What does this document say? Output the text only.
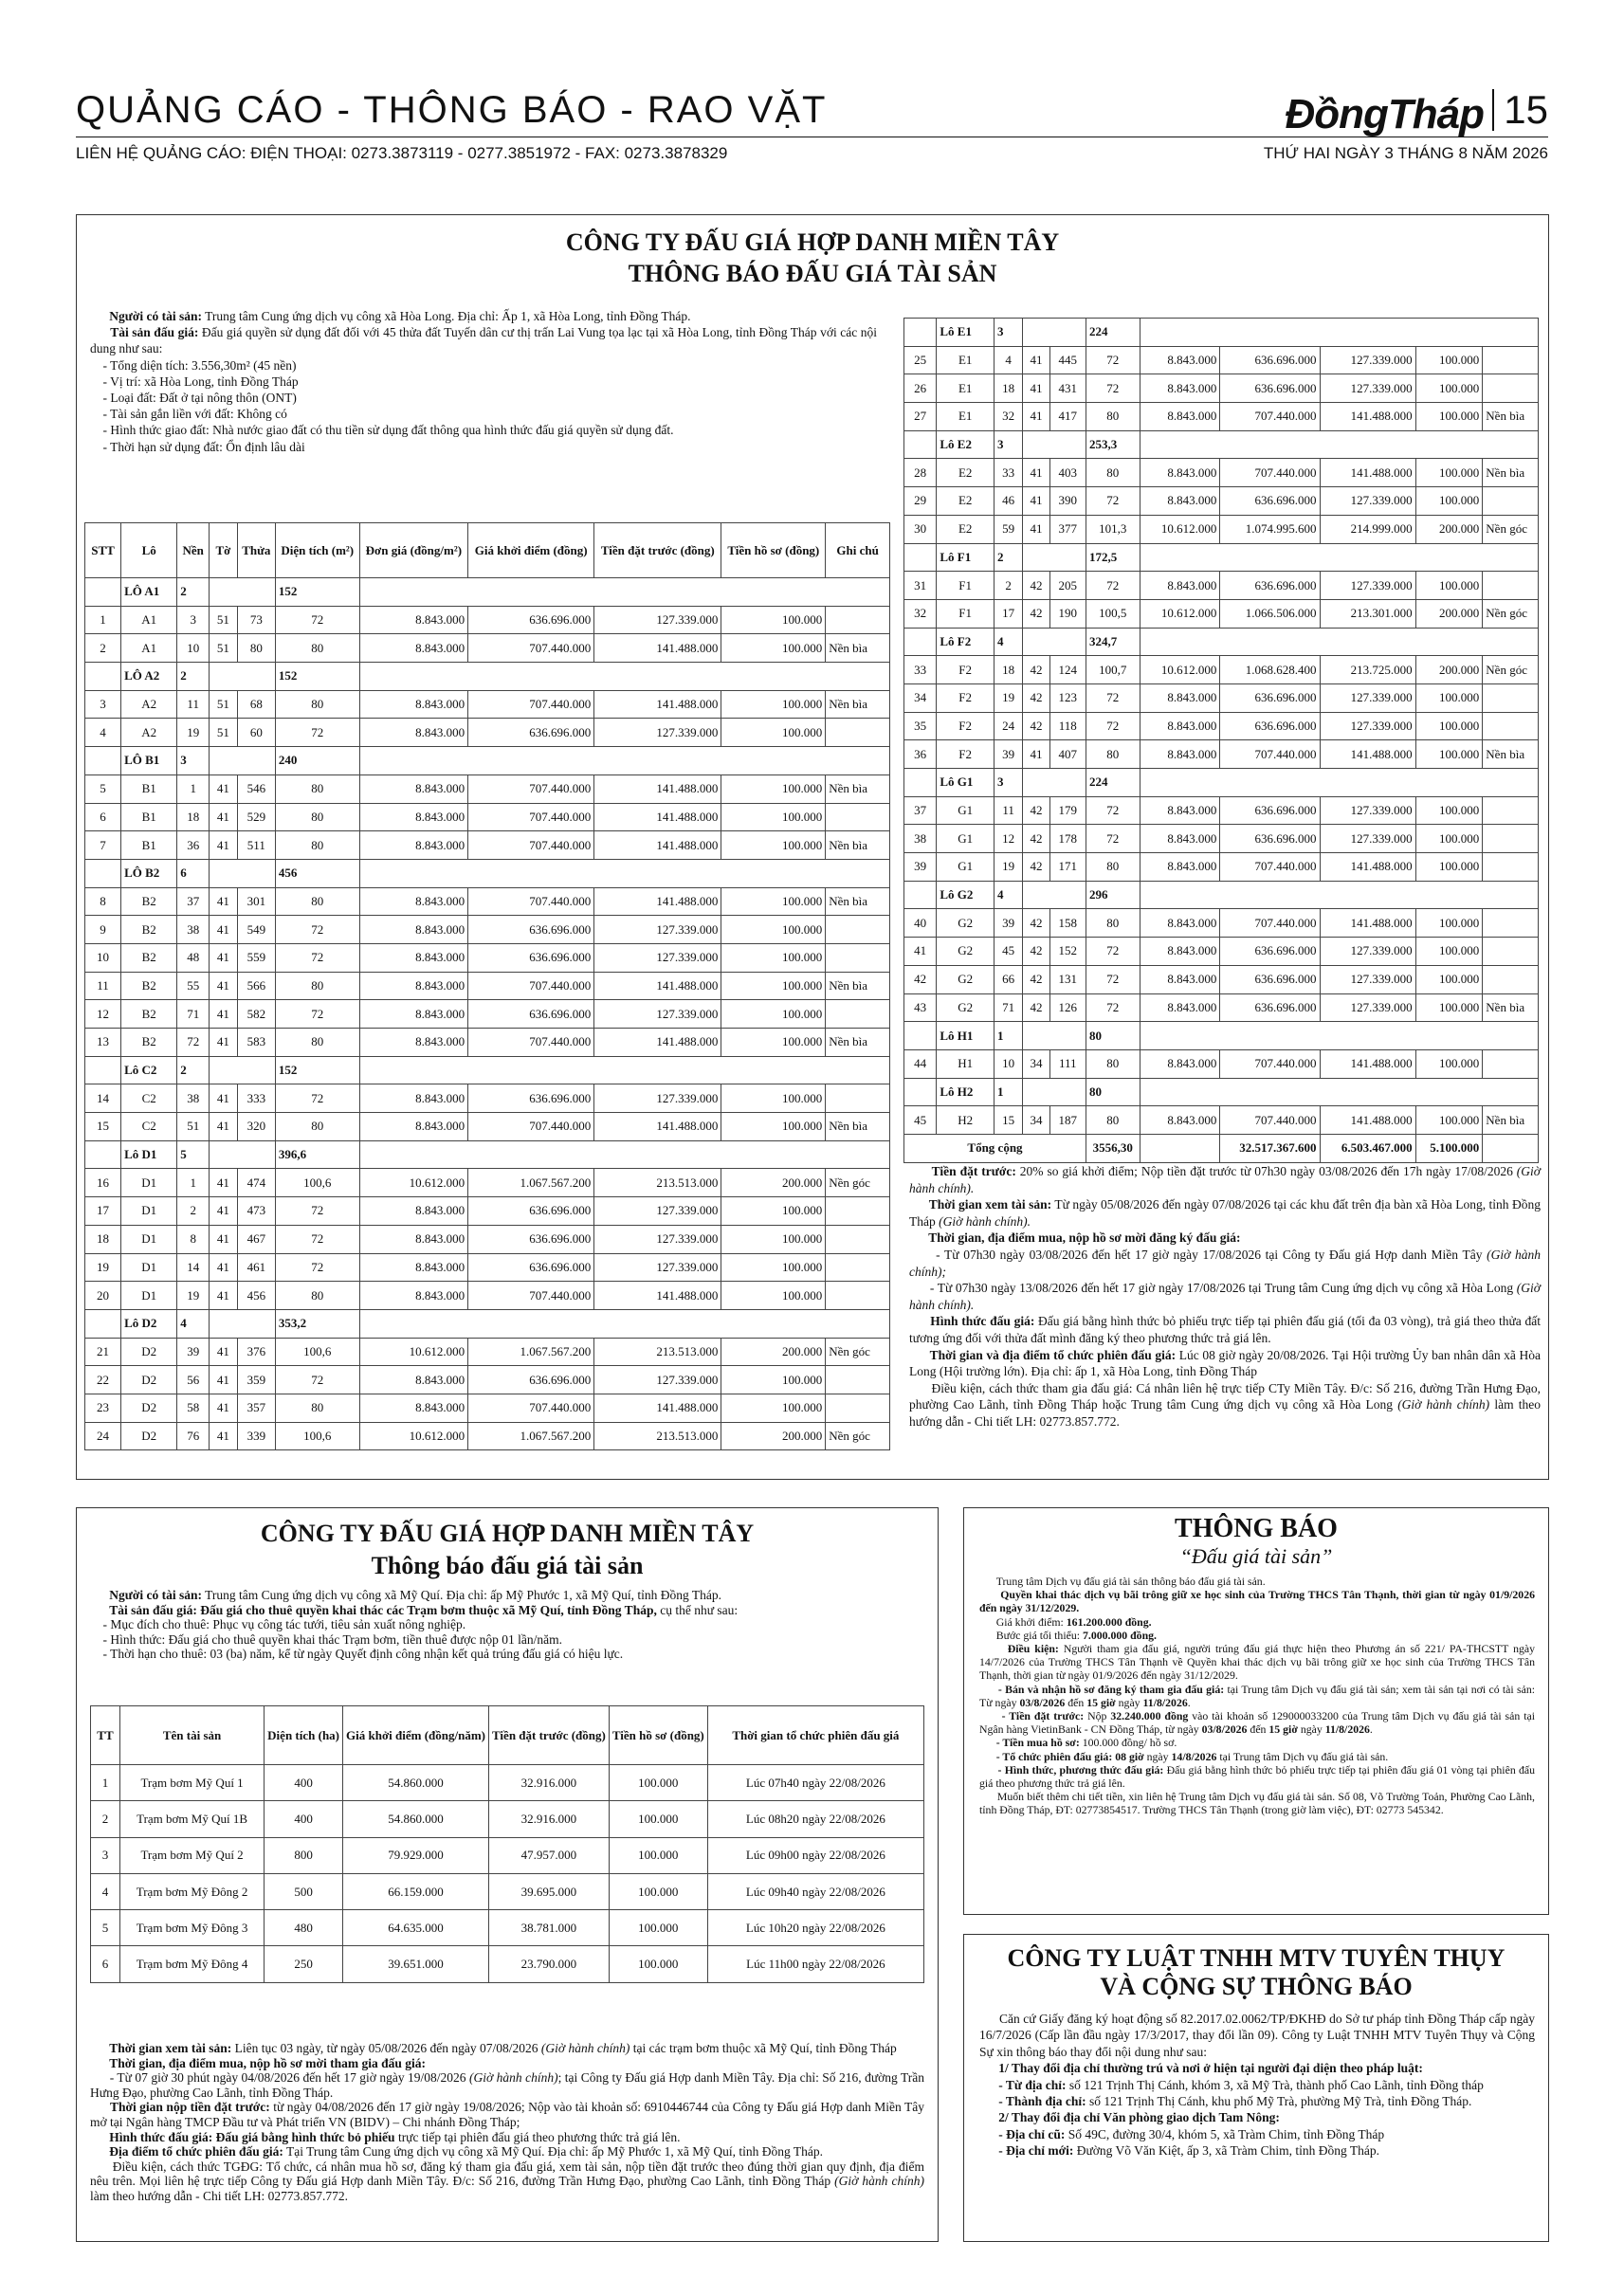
QUẢNG CÁO - THÔNG BÁO - RAO VẶT	ĐồngTháp 15
LIÊN HỆ QUẢNG CÁO: ĐIỆN THOẠI: 0273.3873119 - 0277.3851972 - FAX: 0273.3878329	THỨ HAI NGÀY 3 THÁNG 8 NĂM 2026
CÔNG TY ĐẤU GIÁ HỢP DANH MIỀN TÂY
THÔNG BÁO ĐẤU GIÁ TÀI SẢN

Người có tài sản: Trung tâm Cung ứng dịch vụ công xã Hòa Long. Địa chỉ: Ấp 1, xã Hòa Long, tỉnh Đồng Tháp.

Tài sản đấu giá: Đấu giá quyền sử dụng đất đối với 45 thửa đất Tuyến dân cư thị trấn Lai Vung tọa lạc tại xã Hòa Long, tỉnh Đồng Tháp với các nội dung như sau:

- Tổng diện tích: 3.556,30m² (45 nền)

- Vị trí: xã Hòa Long, tỉnh Đồng Tháp

- Loại đất: Đất ở tại nông thôn (ONT)

- Tài sản gắn liền với đất: Không có

- Hình thức giao đất: Nhà nước giao đất có thu tiền sử dụng đất thông qua hình thức đấu giá quyền sử dụng đất.

- Thời hạn sử dụng đất: Ổn định lâu dài

STT	Lô	Nền	Tờ	Thửa	Diện tích (m²)	Đơn giá (đồng/m²)	Giá khởi điểm (đồng)	Tiền đặt trước (đồng)	Tiền hồ sơ (đồng)	Ghi chú
	LÔ A1	2			152					
1	A1	3	51	73	72	8.843.000	636.696.000	127.339.000	100.000	
2	A1	10	51	80	80	8.843.000	707.440.000	141.488.000	100.000	Nền bìa
	LÔ A2	2			152					
3	A2	11	51	68	80	8.843.000	707.440.000	141.488.000	100.000	Nền bìa
4	A2	19	51	60	72	8.843.000	636.696.000	127.339.000	100.000	
	LÔ B1	3			240					
5	B1	1	41	546	80	8.843.000	707.440.000	141.488.000	100.000	Nền bìa
6	B1	18	41	529	80	8.843.000	707.440.000	141.488.000	100.000	
7	B1	36	41	511	80	8.843.000	707.440.000	141.488.000	100.000	Nền bìa
	LÔ B2	6			456					
8	B2	37	41	301	80	8.843.000	707.440.000	141.488.000	100.000	Nền bìa
9	B2	38	41	549	72	8.843.000	636.696.000	127.339.000	100.000	
10	B2	48	41	559	72	8.843.000	636.696.000	127.339.000	100.000	
11	B2	55	41	566	80	8.843.000	707.440.000	141.488.000	100.000	Nền bìa
12	B2	71	41	582	72	8.843.000	636.696.000	127.339.000	100.000	
13	B2	72	41	583	80	8.843.000	707.440.000	141.488.000	100.000	Nền bìa
	Lô C2	2			152					
14	C2	38	41	333	72	8.843.000	636.696.000	127.339.000	100.000	
15	C2	51	41	320	80	8.843.000	707.440.000	141.488.000	100.000	Nền bìa
	Lô D1	5			396,6					
16	D1	1	41	474	100,6	10.612.000	1.067.567.200	213.513.000	200.000	Nền góc
17	D1	2	41	473	72	8.843.000	636.696.000	127.339.000	100.000	
18	D1	8	41	467	72	8.843.000	636.696.000	127.339.000	100.000	
19	D1	14	41	461	72	8.843.000	636.696.000	127.339.000	100.000	
20	D1	19	41	456	80	8.843.000	707.440.000	141.488.000	100.000	
	Lô D2	4			353,2					
21	D2	39	41	376	100,6	10.612.000	1.067.567.200	213.513.000	200.000	Nền góc
22	D2	56	41	359	72	8.843.000	636.696.000	127.339.000	100.000	
23	D2	58	41	357	80	8.843.000	707.440.000	141.488.000	100.000	
24	D2	76	41	339	100,6	10.612.000	1.067.567.200	213.513.000	200.000	Nền góc
	Lô E1	3			224					
25	E1	4	41	445	72	8.843.000	636.696.000	127.339.000	100.000	
26	E1	18	41	431	72	8.843.000	636.696.000	127.339.000	100.000	
27	E1	32	41	417	80	8.843.000	707.440.000	141.488.000	100.000	Nền bìa
	Lô E2	3			253,3					
28	E2	33	41	403	80	8.843.000	707.440.000	141.488.000	100.000	Nền bìa
29	E2	46	41	390	72	8.843.000	636.696.000	127.339.000	100.000	
30	E2	59	41	377	101,3	10.612.000	1.074.995.600	214.999.000	200.000	Nền góc
	Lô F1	2			172,5					
31	F1	2	42	205	72	8.843.000	636.696.000	127.339.000	100.000	
32	F1	17	42	190	100,5	10.612.000	1.066.506.000	213.301.000	200.000	Nền góc
	Lô F2	4			324,7					
33	F2	18	42	124	100,7	10.612.000	1.068.628.400	213.725.000	200.000	Nền góc
34	F2	19	42	123	72	8.843.000	636.696.000	127.339.000	100.000	
35	F2	24	42	118	72	8.843.000	636.696.000	127.339.000	100.000	
36	F2	39	41	407	80	8.843.000	707.440.000	141.488.000	100.000	Nền bìa
	Lô G1	3			224					
37	G1	11	42	179	72	8.843.000	636.696.000	127.339.000	100.000	
38	G1	12	42	178	72	8.843.000	636.696.000	127.339.000	100.000	
39	G1	19	42	171	80	8.843.000	707.440.000	141.488.000	100.000	
	Lô G2	4			296					
40	G2	39	42	158	80	8.843.000	707.440.000	141.488.000	100.000	
41	G2	45	42	152	72	8.843.000	636.696.000	127.339.000	100.000	
42	G2	66	42	131	72	8.843.000	636.696.000	127.339.000	100.000	
43	G2	71	42	126	72	8.843.000	636.696.000	127.339.000	100.000	Nền bìa
	Lô H1	1			80					
44	H1	10	34	111	80	8.843.000	707.440.000	141.488.000	100.000	
	Lô H2	1			80					
45	H2	15	34	187	80	8.843.000	707.440.000	141.488.000	100.000	Nền bìa
Tổng cộng					3556,30		32.517.367.600	6.503.467.000	5.100.000	

Tiền đặt trước: 20% so giá khởi điểm; Nộp tiền đặt trước từ 07h30 ngày 03/08/2026 đến 17h ngày 17/08/2026 (Giờ hành chính).

Thời gian xem tài sản: Từ ngày 05/08/2026 đến ngày 07/08/2026 tại các khu đất trên địa bàn xã Hòa Long, tỉnh Đồng Tháp (Giờ hành chính).

Thời gian, địa điểm mua, nộp hồ sơ mời đăng ký đấu giá:

- Từ 07h30 ngày 03/08/2026 đến hết 17 giờ ngày 17/08/2026 tại Công ty Đấu giá Hợp danh Miền Tây (Giờ hành chính);

- Từ 07h30 ngày 13/08/2026 đến hết 17 giờ ngày 17/08/2026 tại Trung tâm Cung ứng dịch vụ công xã Hòa Long (Giờ hành chính).

Hình thức đấu giá: Đấu giá bằng hình thức bỏ phiếu trực tiếp tại phiên đấu giá (tối đa 03 vòng), trả giá theo thửa đất tương ứng đối với thửa đất mình đăng ký theo phương thức trả giá lên.

Thời gian và địa điểm tổ chức phiên đấu giá: Lúc 08 giờ ngày 20/08/2026. Tại Hội trường Ủy ban nhân dân xã Hòa Long (Hội trường lớn). Địa chỉ: ấp 1, xã Hòa Long, tỉnh Đồng Tháp

Điều kiện, cách thức tham gia đấu giá: Cá nhân liên hệ trực tiếp CTy Miền Tây. Đ/c: Số 216, đường Trần Hưng Đạo, phường Cao Lãnh, tỉnh Đồng Tháp hoặc Trung tâm Cung ứng dịch vụ công xã Hòa Long (Giờ hành chính) làm theo hướng dẫn - Chi tiết LH: 02773.857.772.

CÔNG TY ĐẤU GIÁ HỢP DANH MIỀN TÂY
Thông báo đấu giá tài sản

Người có tài sản: Trung tâm Cung ứng dịch vụ công xã Mỹ Quí. Địa chỉ: ấp Mỹ Phước 1, xã Mỹ Quí, tỉnh Đồng Tháp.

Tài sản đấu giá: Đấu giá cho thuê quyền khai thác các Trạm bơm thuộc xã Mỹ Quí, tỉnh Đồng Tháp, cụ thể như sau:

- Mục đích cho thuê: Phục vụ công tác tưới, tiêu sản xuất nông nghiệp.

- Hình thức: Đấu giá cho thuê quyền khai thác Trạm bơm, tiền thuê được nộp 01 lần/năm.

- Thời hạn cho thuê: 03 (ba) năm, kể từ ngày Quyết định công nhận kết quả trúng đấu giá có hiệu lực.

TT	Tên tài sản	Diện tích (ha)	Giá khởi điểm (đồng/năm)	Tiền đặt trước (đồng)	Tiền hồ sơ (đồng)	Thời gian tổ chức phiên đấu giá
1	Trạm bơm Mỹ Quí 1	400	54.860.000	32.916.000	100.000	Lúc 07h40 ngày 22/08/2026
2	Trạm bơm Mỹ Quí 1B	400	54.860.000	32.916.000	100.000	Lúc 08h20 ngày 22/08/2026
3	Trạm bơm Mỹ Quí 2	800	79.929.000	47.957.000	100.000	Lúc 09h00 ngày 22/08/2026
4	Trạm bơm Mỹ Đông 2	500	66.159.000	39.695.000	100.000	Lúc 09h40 ngày 22/08/2026
5	Trạm bơm Mỹ Đông 3	480	64.635.000	38.781.000	100.000	Lúc 10h20 ngày 22/08/2026
6	Trạm bơm Mỹ Đông 4	250	39.651.000	23.790.000	100.000	Lúc 11h00 ngày 22/08/2026

Thời gian xem tài sản: Liên tục 03 ngày, từ ngày 05/08/2026 đến ngày 07/08/2026 (Giờ hành chính) tại các trạm bơm thuộc xã Mỹ Quí, tỉnh Đồng Tháp

Thời gian, địa điểm mua, nộp hồ sơ mời tham gia đấu giá:

- Từ 07 giờ 30 phút ngày 04/08/2026 đến hết 17 giờ ngày 19/08/2026 (Giờ hành chính); tại Công ty Đấu giá Hợp danh Miền Tây. Địa chỉ: Số 216, đường Trần Hưng Đạo, phường Cao Lãnh, tỉnh Đồng Tháp.

Thời gian nộp tiền đặt trước: từ ngày 04/08/2026 đến 17 giờ ngày 19/08/2026; Nộp vào tài khoản số: 6910446744 của Công ty Đấu giá Hợp danh Miền Tây mở tại Ngân hàng TMCP Đầu tư và Phát triển VN (BIDV) – Chi nhánh Đồng Tháp;

Hình thức đấu giá: Đấu giá bằng hình thức bỏ phiếu trực tiếp tại phiên đấu giá theo phương thức trả giá lên.

Địa điểm tổ chức phiên đấu giá: Tại Trung tâm Cung ứng dịch vụ công xã Mỹ Quí. Địa chỉ: ấp Mỹ Phước 1, xã Mỹ Quí, tỉnh Đồng Tháp.

Điều kiện, cách thức TGĐG: Tổ chức, cá nhân mua hồ sơ, đăng ký tham gia đấu giá, xem tài sản, nộp tiền đặt trước theo đúng thời gian quy định, địa điểm nêu trên. Mọi liên hệ trực tiếp Công ty Đấu giá Hợp danh Miền Tây. Đ/c: Số 216, đường Trần Hưng Đạo, phường Cao Lãnh, tỉnh Đồng Tháp (Giờ hành chính) làm theo hướng dẫn - Chi tiết LH: 02773.857.772.

THÔNG BÁO
“Đấu giá tài sản”

Trung tâm Dịch vụ đấu giá tài sản thông báo đấu giá tài sản.

Quyền khai thác dịch vụ bãi trông giữ xe học sinh của Trường THCS Tân Thạnh, thời gian từ ngày 01/9/2026 đến ngày 31/12/2029.

Giá khởi điểm: 161.200.000 đồng.

Bước giá tối thiểu: 7.000.000 đồng.

Điều kiện: Người tham gia đấu giá, người trúng đấu giá thực hiện theo Phương án số 221/ PA-THCSTT ngày 14/7/2026 của Trường THCS Tân Thạnh về Quyền khai thác dịch vụ bãi trông giữ xe học sinh của Trường THCS Tân Thạnh, thời gian từ ngày 01/9/2026 đến ngày 31/12/2029.

- Bán và nhận hồ sơ đăng ký tham gia đấu giá: tại Trung tâm Dịch vụ đấu giá tài sản; xem tài sản tại nơi có tài sản: Từ ngày 03/8/2026 đến 15 giờ ngày 11/8/2026.

- Tiền đặt trước: Nộp 32.240.000 đồng vào tài khoản số 129000033200 của Trung tâm Dịch vụ đấu giá tài sản tại Ngân hàng VietinBank - CN Đồng Tháp, từ ngày 03/8/2026 đến 15 giờ ngày 11/8/2026.

- Tiền mua hồ sơ: 100.000 đồng/ hồ sơ.

- Tổ chức phiên đấu giá: 08 giờ ngày 14/8/2026 tại Trung tâm Dịch vụ đấu giá tài sản.

- Hình thức, phương thức đấu giá: Đấu giá bằng hình thức bỏ phiếu trực tiếp tại phiên đấu giá 01 vòng tại phiên đấu giá theo phương thức trả giá lên.

Muốn biết thêm chi tiết tiền, xin liên hệ Trung tâm Dịch vụ đấu giá tài sản. Số 08, Võ Trường Toản, Phường Cao Lãnh, tỉnh Đồng Tháp, ĐT: 02773854517. Trường THCS Tân Thạnh (trong giờ làm việc), ĐT: 02773 545342.

CÔNG TY LUẬT TNHH MTV TUYÊN THỤY
VÀ CỘNG SỰ THÔNG BÁO

Căn cứ Giấy đăng ký hoạt động số 82.2017.02.0062/TP/ĐKHĐ do Sở tư pháp tỉnh Đồng Tháp cấp ngày 16/7/2026 (Cấp lần đầu ngày 17/3/2017, thay đổi lần 09). Công ty Luật TNHH MTV Tuyên Thụy và Cộng Sự xin thông báo thay đổi nội dung như sau:

1/ Thay đổi địa chỉ thường trú và nơi ở hiện tại người đại diện theo pháp luật:

- Từ địa chỉ: số 121 Trịnh Thị Cánh, khóm 3, xã Mỹ Trà, thành phố Cao Lãnh, tỉnh Đồng tháp

- Thành địa chỉ: số 121 Trịnh Thị Cánh, khu phố Mỹ Trà, phường Mỹ Trà, tỉnh Đồng Tháp.

2/ Thay đổi địa chỉ Văn phòng giao dịch Tam Nông:

- Địa chỉ cũ: Số 49C, đường 30/4, khóm 5, xã Tràm Chim, tỉnh Đồng Tháp

- Địa chỉ mới: Đường Võ Văn Kiệt, ấp 3, xã Tràm Chim, tỉnh Đồng Tháp.
